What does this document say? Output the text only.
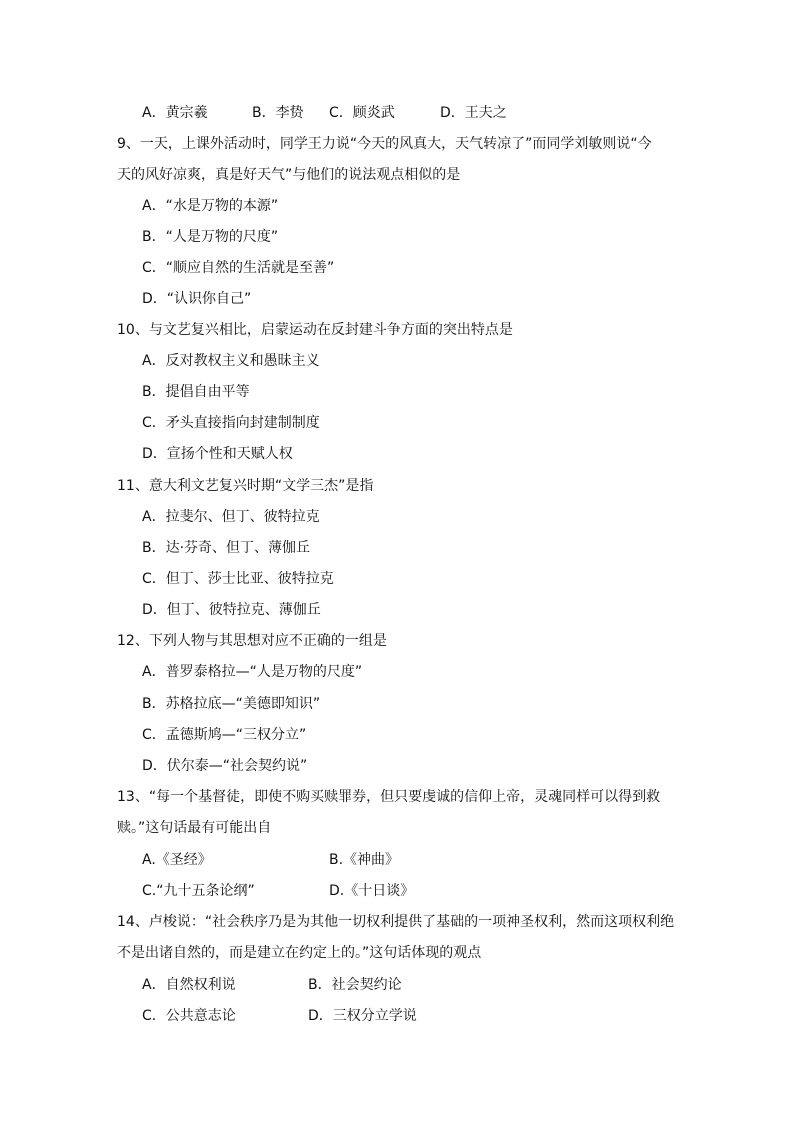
A．黄宗羲	B．李贽 C．顾炎武	D．王夫之
9、一天，上课外活动时，同学王力说“今天的风真大，天气转凉了”而同学刘敏则说“今
天的风好凉爽，真是好天气”与他们的说法观点相似的是
A．“水是万物的本源”
B．“人是万物的尺度”
C．“顺应自然的生活就是至善”
D．“认识你自己”
10、与文艺复兴相比，启蒙运动在反封建斗争方面的突出特点是
A．反对教权主义和愚昧主义
B．提倡自由平等
C．矛头直接指向封建制制度
D．宣扬个性和天赋人权
11、意大利文艺复兴时期“文学三杰”是指
A．拉斐尔、但丁、彼特拉克
B．达·芬奇、但丁、薄伽丘
C．但丁、莎士比亚、彼特拉克
D．但丁、彼特拉克、薄伽丘
12、下列人物与其思想对应不正确的一组是
A．普罗泰格拉—“人是万物的尺度”
B．苏格拉底—“美德即知识”
C．孟德斯鸠—“三权分立”
D．伏尔泰—“社会契约说”
13、“每一个基督徒，即使不购买赎罪券，但只要虔诚的信仰上帝，灵魂同样可以得到救
赎。”这句话最有可能出自
A.《圣经》	B.《神曲》
C.“九十五条论纲”	D.《十日谈》
14、卢梭说：“社会秩序乃是为其他一切权利提供了基础的一项神圣权利，然而这项权利绝
不是出诸自然的，而是建立在约定上的。”这句话体现的观点
A．自然权利说	B．社会契约论
C．公共意志论	D．三权分立学说
